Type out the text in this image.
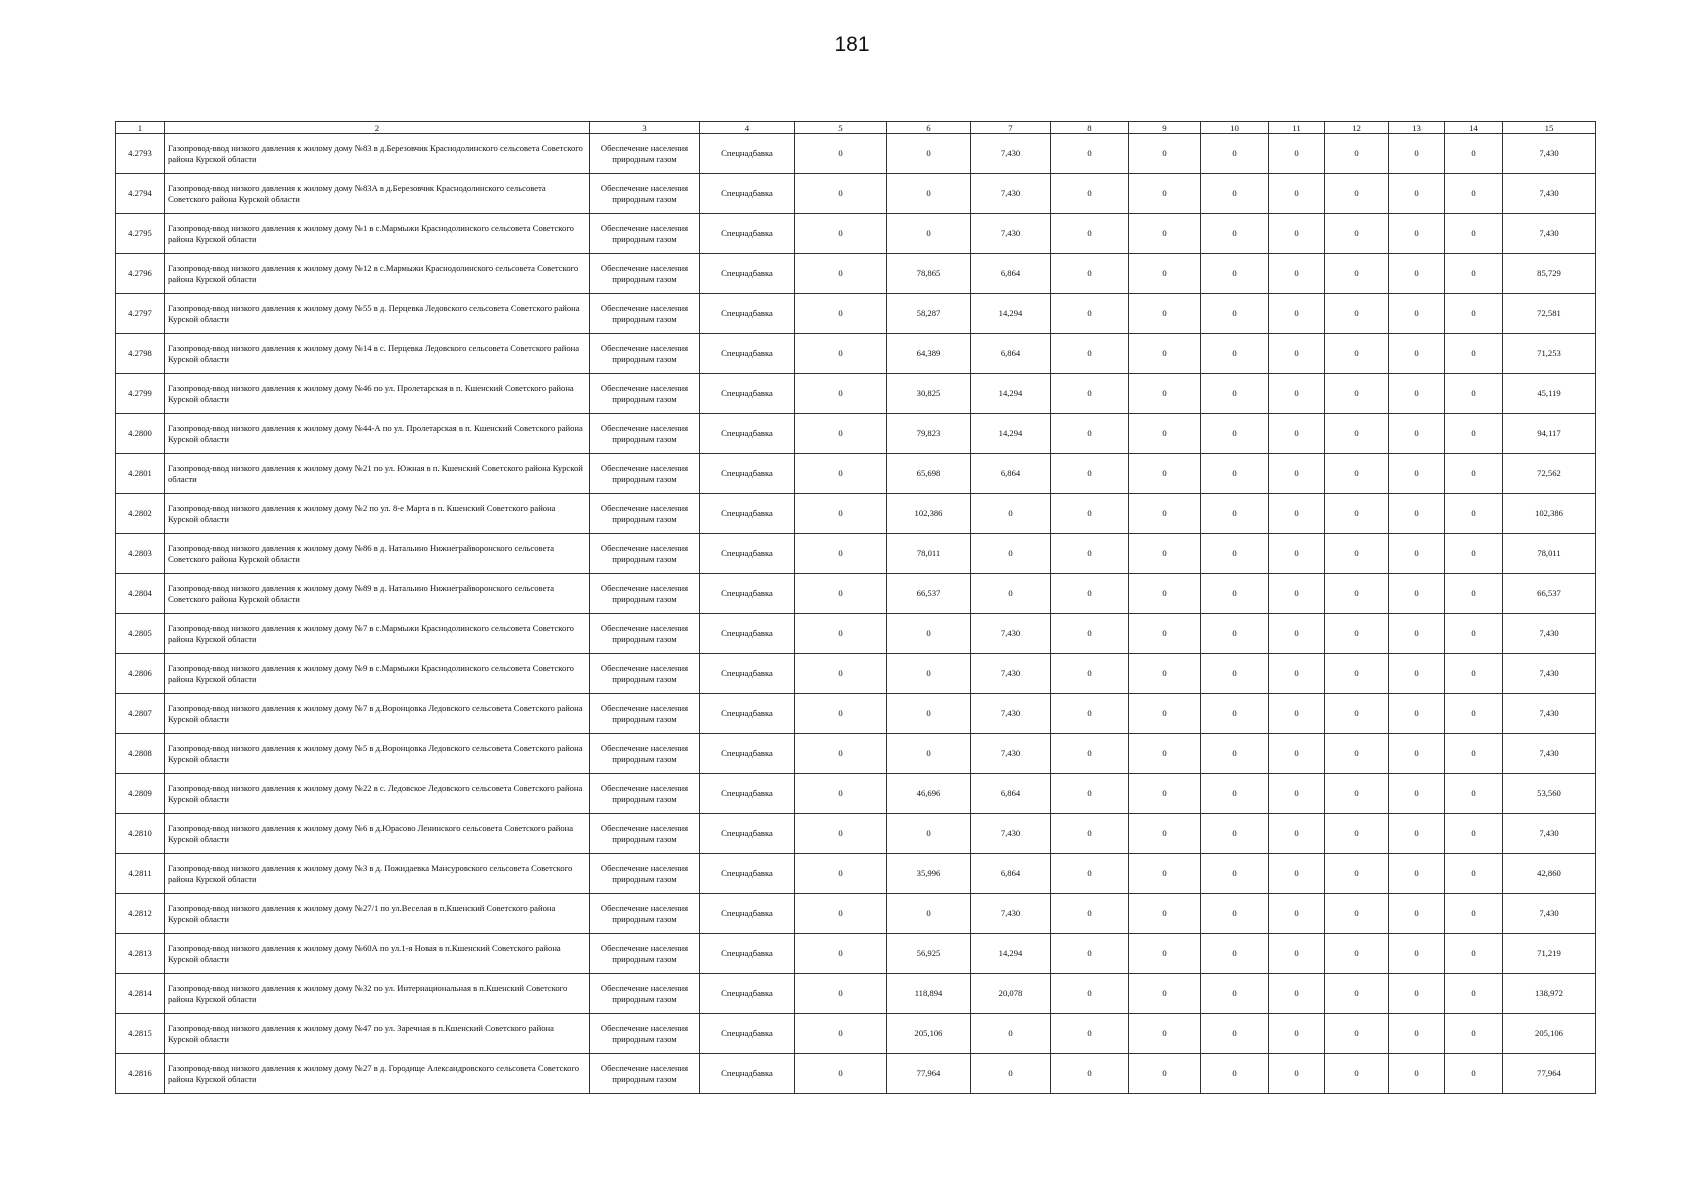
181
1	2	3	4	5	6	7	8	9	10	11	12	13	14	15
4.2793	Газопровод-ввод низкого давления к жилому дому №83 в д.Березовчик Краснодолинского сельсовета Советского района Курской области	Обеспечение населения природным газом	Спецнадбавка	0	0	7,430	0	0	0	0	0	0	0	7,430
4.2794	Газопровод-ввод низкого давления к жилому дому №83А в д.Березовчик Краснодолинского сельсовета Советского района Курской области	Обеспечение населения природным газом	Спецнадбавка	0	0	7,430	0	0	0	0	0	0	0	7,430
4.2795	Газопровод-ввод низкого давления к жилому дому №1 в с.Мармыжи Краснодолинского сельсовета Советского района Курской области	Обеспечение населения природным газом	Спецнадбавка	0	0	7,430	0	0	0	0	0	0	0	7,430
4.2796	Газопровод-ввод низкого давления к жилому дому №12 в с.Мармыжи Краснодолинского сельсовета Советского района Курской области	Обеспечение населения природным газом	Спецнадбавка	0	78,865	6,864	0	0	0	0	0	0	0	85,729
4.2797	Газопровод-ввод низкого давления к жилому дому №55 в д. Перцевка Ледовского сельсовета Советского района Курской области	Обеспечение населения природным газом	Спецнадбавка	0	58,287	14,294	0	0	0	0	0	0	0	72,581
4.2798	Газопровод-ввод низкого давления к жилому дому №14 в с. Перцевка Ледовского сельсовета Советского района Курской области	Обеспечение населения природным газом	Спецнадбавка	0	64,389	6,864	0	0	0	0	0	0	0	71,253
4.2799	Газопровод-ввод низкого давления к жилому дому №46 по ул. Пролетарская в п. Кшенский Советского района Курской области	Обеспечение населения природным газом	Спецнадбавка	0	30,825	14,294	0	0	0	0	0	0	0	45,119
4.2800	Газопровод-ввод низкого давления к жилому дому №44-А по ул. Пролетарская в п. Кшенский Советского района Курской области	Обеспечение населения природным газом	Спецнадбавка	0	79,823	14,294	0	0	0	0	0	0	0	94,117
4.2801	Газопровод-ввод низкого давления к жилому дому №21 по ул. Южная в п. Кшенский Советского района Курской области	Обеспечение населения природным газом	Спецнадбавка	0	65,698	6,864	0	0	0	0	0	0	0	72,562
4.2802	Газопровод-ввод низкого давления к жилому дому №2 по ул. 8-е Марта в п. Кшенский Советского района Курской области	Обеспечение населения природным газом	Спецнадбавка	0	102,386	0	0	0	0	0	0	0	0	102,386
4.2803	Газопровод-ввод низкого давления к жилому дому №86 в д. Натальино Нижнеграйворонского сельсовета Советского района Курской области	Обеспечение населения природным газом	Спецнадбавка	0	78,011	0	0	0	0	0	0	0	0	78,011
4.2804	Газопровод-ввод низкого давления к жилому дому №89 в д. Натальино Нижнеграйворонского сельсовета Советского района Курской области	Обеспечение населения природным газом	Спецнадбавка	0	66,537	0	0	0	0	0	0	0	0	66,537
4.2805	Газопровод-ввод низкого давления к жилому дому №7 в с.Мармыжи Краснодолинского сельсовета Советского района Курской области	Обеспечение населения природным газом	Спецнадбавка	0	0	7,430	0	0	0	0	0	0	0	7,430
4.2806	Газопровод-ввод низкого давления к жилому дому №9 в с.Мармыжи Краснодолинского сельсовета Советского района Курской области	Обеспечение населения природным газом	Спецнадбавка	0	0	7,430	0	0	0	0	0	0	0	7,430
4.2807	Газопровод-ввод низкого давления к жилому дому №7 в д.Воронцовка Ледовского сельсовета Советского района Курской области	Обеспечение населения природным газом	Спецнадбавка	0	0	7,430	0	0	0	0	0	0	0	7,430
4.2808	Газопровод-ввод низкого давления к жилому дому №5 в д.Воронцовка Ледовского сельсовета Советского района Курской области	Обеспечение населения природным газом	Спецнадбавка	0	0	7,430	0	0	0	0	0	0	0	7,430
4.2809	Газопровод-ввод низкого давления к жилому дому №22 в с. Ледовское Ледовского сельсовета Советского района Курской области	Обеспечение населения природным газом	Спецнадбавка	0	46,696	6,864	0	0	0	0	0	0	0	53,560
4.2810	Газопровод-ввод низкого давления к жилому дому №6 в д.Юрасово Ленинского сельсовета Советского района Курской области	Обеспечение населения природным газом	Спецнадбавка	0	0	7,430	0	0	0	0	0	0	0	7,430
4.2811	Газопровод-ввод низкого давления к жилому дому №3 в д. Пожидаевка Мансуровского сельсовета Советского района Курской области	Обеспечение населения природным газом	Спецнадбавка	0	35,996	6,864	0	0	0	0	0	0	0	42,860
4.2812	Газопровод-ввод низкого давления к жилому дому №27/1 по ул.Веселая в п.Кшенский Советского района Курской области	Обеспечение населения природным газом	Спецнадбавка	0	0	7,430	0	0	0	0	0	0	0	7,430
4.2813	Газопровод-ввод низкого давления к жилому дому №60А по ул.1-я Новая в п.Кшенский Советского района Курской области	Обеспечение населения природным газом	Спецнадбавка	0	56,925	14,294	0	0	0	0	0	0	0	71,219
4.2814	Газопровод-ввод низкого давления к жилому дому №32 по ул. Интернациональная в п.Кшенский Советского района Курской области	Обеспечение населения природным газом	Спецнадбавка	0	118,894	20,078	0	0	0	0	0	0	0	138,972
4.2815	Газопровод-ввод низкого давления к жилому дому №47 по ул. Заречная в п.Кшенский Советского района Курской области	Обеспечение населения природным газом	Спецнадбавка	0	205,106	0	0	0	0	0	0	0	0	205,106
4.2816	Газопровод-ввод низкого давления к жилому дому №27 в д. Городище Александровского сельсовета Советского района Курской области	Обеспечение населения природным газом	Спецнадбавка	0	77,964	0	0	0	0	0	0	0	0	77,964
